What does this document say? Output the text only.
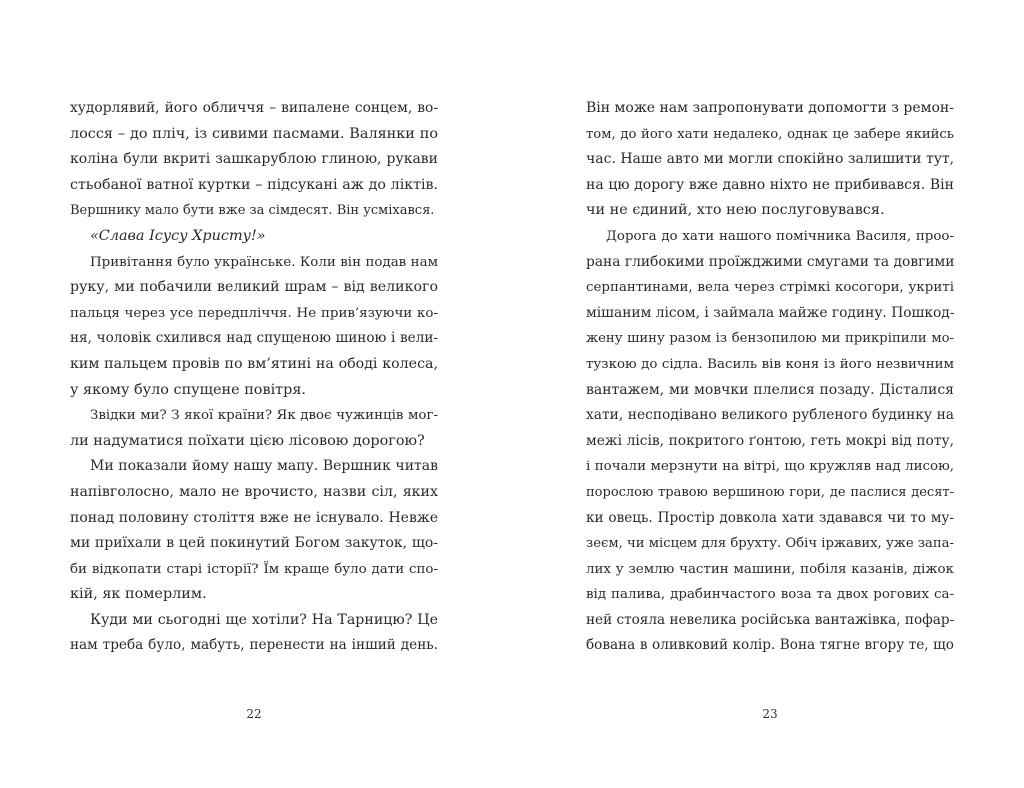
худорлявий, його обличчя – випалене сонцем, во-
лосся – до пліч, із сивими пасмами. Валянки по
коліна були вкриті зашкарублою глиною, рукави
стьобаної ватної куртки – підсукані аж до ліктів.
Вершнику мало бути вже за сімдесят. Він усміхався.
«Слава Ісусу Христу!»
Привітання було українське. Коли він подав нам
руку, ми побачили великий шрам – від великого
пальця через усе передпліччя. Не прив’язуючи ко-
ня, чоловік схилився над спущеною шиною і вели-
ким пальцем провів по вм’ятині на ободі колеса,
у якому було спущене повітря.
Звідки ми? З якої країни? Як двоє чужинців мог-
ли надуматися поїхати цією лісовою дорогою?
Ми показали йому нашу мапу. Вершник читав
напівголосно, мало не врочисто, назви сіл, яких
понад половину століття вже не існувало. Невже
ми приїхали в цей покинутий Богом закуток, що-
би відкопати старі історії? Їм краще було дати спо-
кій, як померлим.
Куди ми сьогодні ще хотіли? На Тарницю? Це
нам треба було, мабуть, перенести на інший день.
Він може нам запропонувати допомогти з ремон-
том, до його хати недалеко, однак це забере якийсь
час. Наше авто ми могли спокійно залишити тут,
на цю дорогу вже давно ніхто не прибивався. Він
чи не єдиний, хто нею послуговувався.
Дорога до хати нашого помічника Василя, проо-
рана глибокими проїжджими смугами та довгими
серпантинами, вела через стрімкі косогори, укриті
мішаним лісом, і займала майже годину. Пошкод-
жену шину разом із бензопилою ми прикріпили мо-
тузкою до сідла. Василь вів коня із його незвичним
вантажем, ми мовчки плелися позаду. Дісталися
хати, несподівано великого рубленого будинку на
межі лісів, покритого ґонтою, геть мокрі від поту,
і почали мерзнути на вітрі, що кружляв над лисою,
порослою травою вершиною гори, де паслися десят-
ки овець. Простір довкола хати здавався чи то му-
зеєм, чи місцем для брухту. Обіч іржавих, уже запа-
лих у землю частин машини, побіля казанів, діжок
від палива, драбинчастого воза та двох рогових са-
ней стояла невелика російська вантажівка, пофар-
бована в оливковий колір. Вона тягне вгору те, що
22	23
